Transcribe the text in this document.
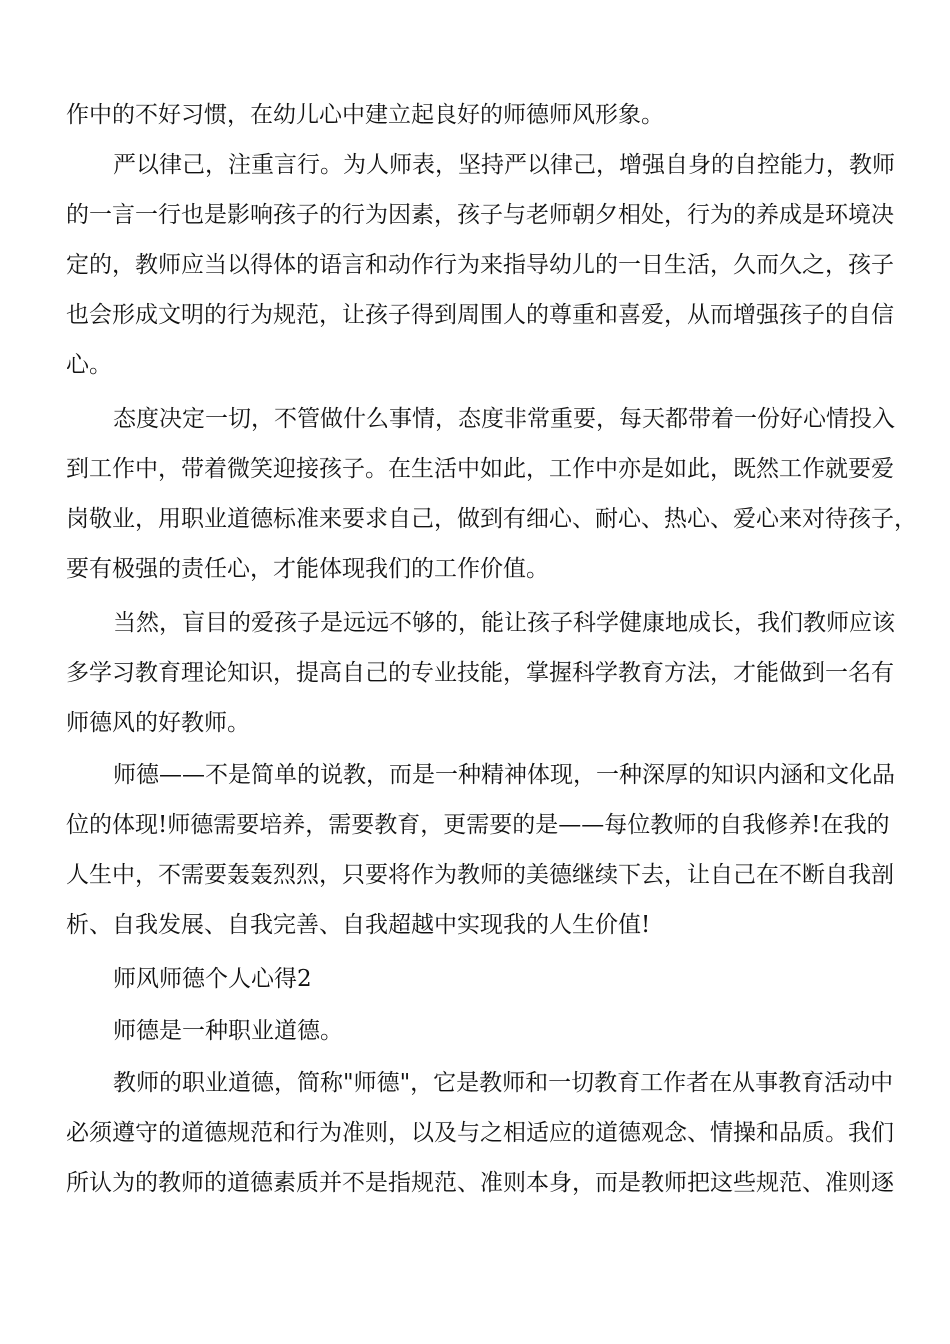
作中的不好习惯，在幼儿心中建立起良好的师德师风形象。
严以律己，注重言行。为人师表，坚持严以律己，增强自身的自控能力，教师
的一言一行也是影响孩子的行为因素，孩子与老师朝夕相处，行为的养成是环境决
定的，教师应当以得体的语言和动作行为来指导幼儿的一日生活，久而久之，孩子
也会形成文明的行为规范，让孩子得到周围人的尊重和喜爱，从而增强孩子的自信
心。
态度决定一切，不管做什么事情，态度非常重要，每天都带着一份好心情投入
到工作中，带着微笑迎接孩子。在生活中如此，工作中亦是如此，既然工作就要爱
岗敬业，用职业道德标准来要求自己，做到有细心、耐心、热心、爱心来对待孩子，
要有极强的责任心，才能体现我们的工作价值。
当然，盲目的爱孩子是远远不够的，能让孩子科学健康地成长，我们教师应该
多学习教育理论知识，提高自己的专业技能，掌握科学教育方法，才能做到一名有
师德风的好教师。
师德——不是简单的说教，而是一种精神体现，一种深厚的知识内涵和文化品
位的体现!师德需要培养，需要教育，更需要的是——每位教师的自我修养!在我的
人生中，不需要轰轰烈烈，只要将作为教师的美德继续下去，让自己在不断自我剖
析、自我发展、自我完善、自我超越中实现我的人生价值!
师风师德个人心得2
师德是一种职业道德。
教师的职业道德，简称"师德"，它是教师和一切教育工作者在从事教育活动中
必须遵守的道德规范和行为准则，以及与之相适应的道德观念、情操和品质。我们
所认为的教师的道德素质并不是指规范、准则本身，而是教师把这些规范、准则逐
